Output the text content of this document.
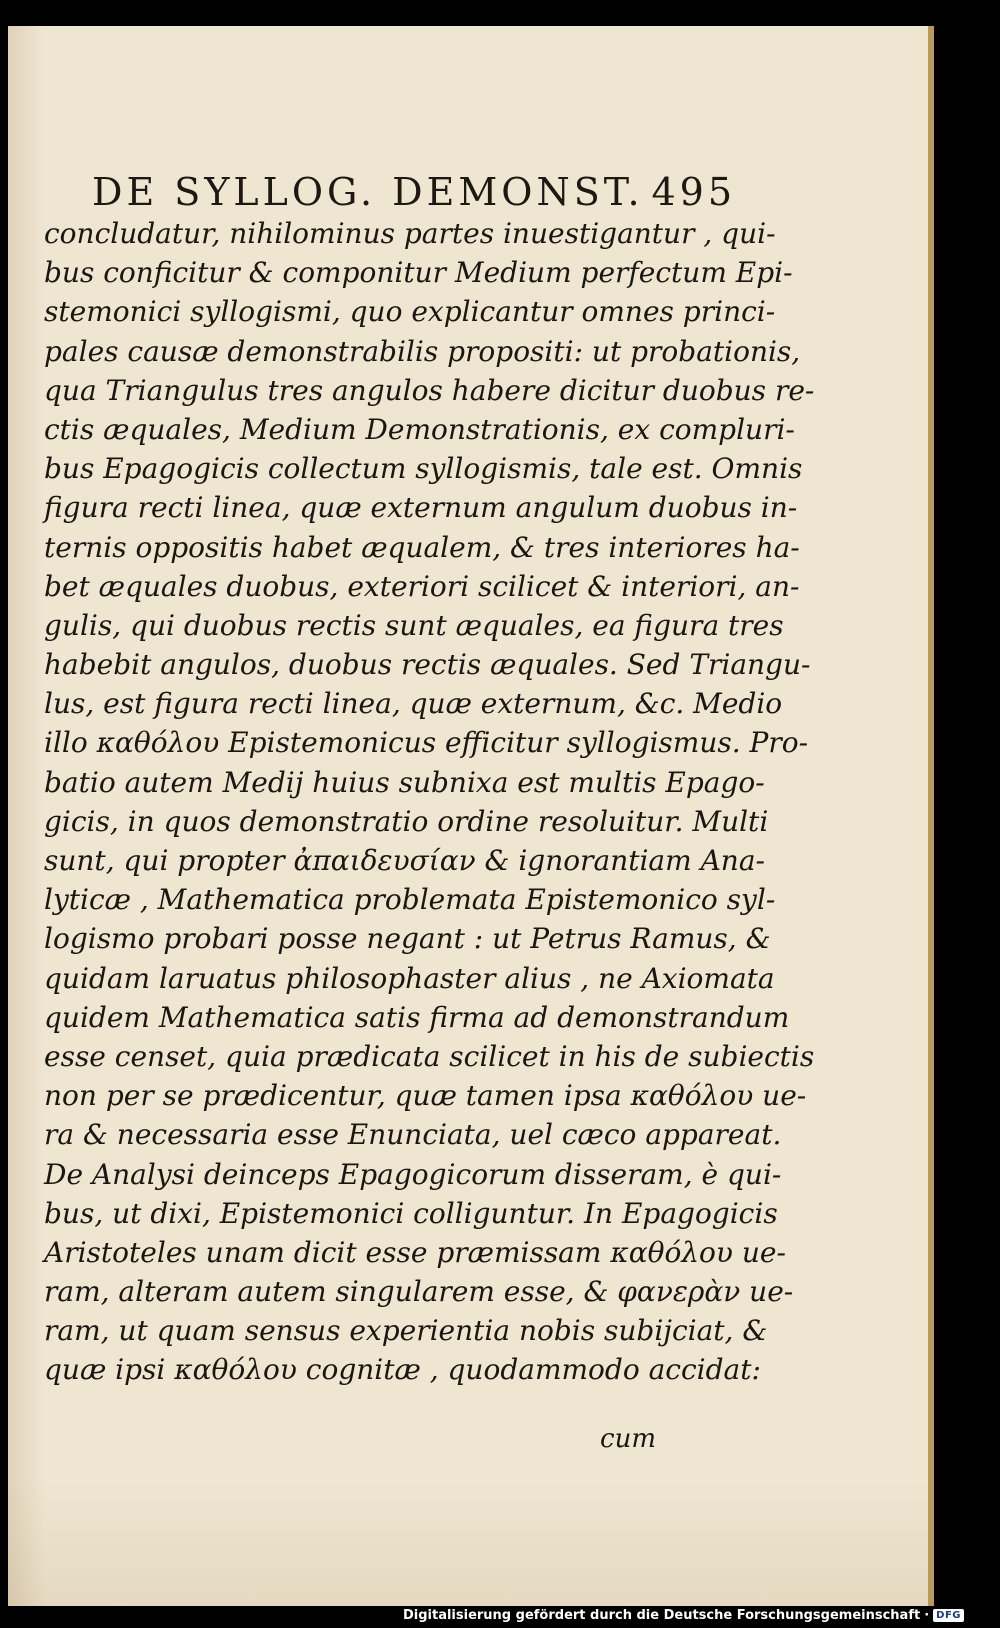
DE SYLLOG. DEMONST. 495
concludatur, nihilominus partes inuestigantur , qui-
bus conficitur & componitur Medium perfectum Epi-
stemonici syllogismi, quo explicantur omnes princi-
pales causæ demonstrabilis propositi: ut probationis,
qua Triangulus tres angulos habere dicitur duobus re-
ctis æquales, Medium Demonstrationis, ex compluri-
bus Epagogicis collectum syllogismis, tale est. Omnis
figura recti linea, quæ externum angulum duobus in-
ternis oppositis habet æqualem, & tres interiores ha-
bet æquales duobus, exteriori scilicet & interiori, an-
gulis, qui duobus rectis sunt æquales, ea figura tres
habebit angulos, duobus rectis æquales. Sed Triangu-
lus, est figura recti linea, quæ externum, &c. Medio
illo καθόλου Epistemonicus efficitur syllogismus. Pro-
batio autem Medij huius subnixa est multis Epago-
gicis, in quos demonstratio ordine resoluitur. Multi
sunt, qui propter ἀπαιδευσίαν & ignorantiam Ana-
lyticæ , Mathematica problemata Epistemonico syl-
logismo probari posse negant : ut Petrus Ramus, &
quidam laruatus philosophaster alius , ne Axiomata
quidem Mathematica satis firma ad demonstrandum
esse censet, quia prædicata scilicet in his de subiectis
non per se prædicentur, quæ tamen ipsa καθόλου ue-
ra & necessaria esse Enunciata, uel cæco appareat.
De Analysi deinceps Epagogicorum disseram, è qui-
bus, ut dixi, Epistemonici colliguntur. In Epagogicis
Aristoteles unam dicit esse præmissam καθόλου ue-
ram, alteram autem singularem esse, & φανερὰν ue-
ram, ut quam sensus experientia nobis subijciat, &
quæ ipsi καθόλου cognitæ , quodammodo accidat:
cum
Digitalisierung gefördert durch die Deutsche Forschungsgemeinschaft · DFG
